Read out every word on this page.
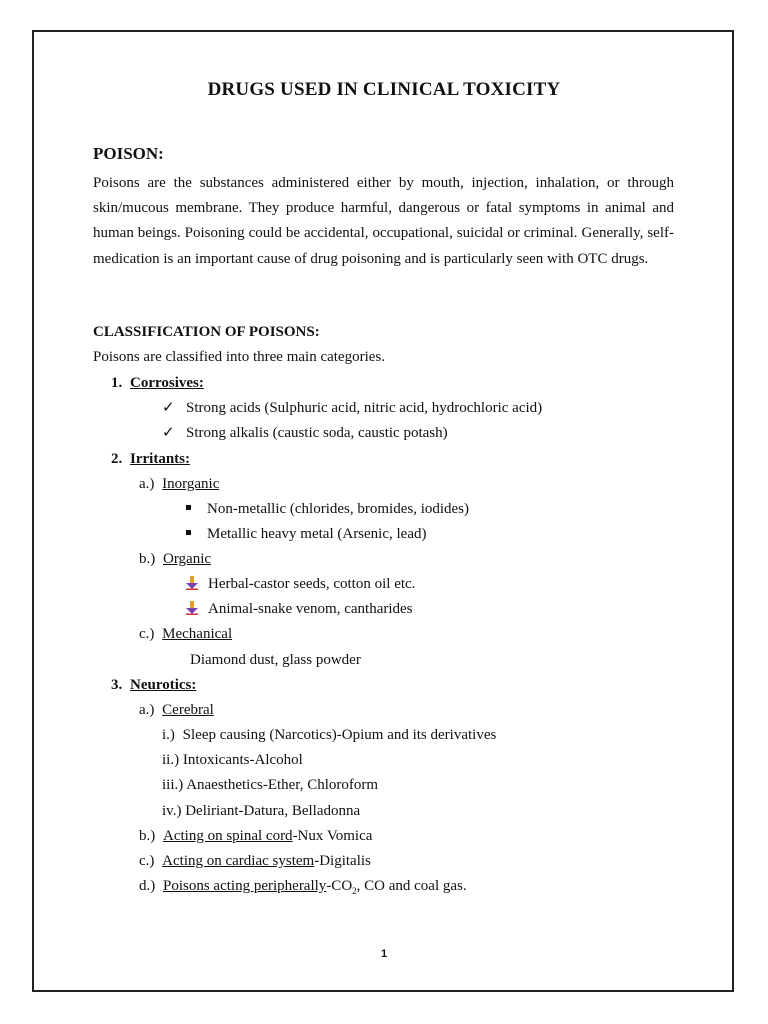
DRUGS USED IN CLINICAL TOXICITY
POISON:
Poisons are the substances administered either by mouth, injection, inhalation, or through skin/mucous membrane. They produce harmful, dangerous or fatal symptoms in animal and human beings. Poisoning could be accidental, occupational, suicidal or criminal. Generally, self-medication is an important cause of drug poisoning and is particularly seen with OTC drugs.
CLASSIFICATION OF POISONS:
Poisons are classified into three main categories.
1. Corrosives:
✓ Strong acids (Sulphuric acid, nitric acid, hydrochloric acid)
✓ Strong alkalis (caustic soda, caustic potash)
2. Irritants:
a.) Inorganic
Non-metallic (chlorides, bromides, iodides)
Metallic heavy metal (Arsenic, lead)
b.) Organic
Herbal-castor seeds, cotton oil etc.
Animal-snake venom, cantharides
c.) Mechanical
Diamond dust, glass powder
3. Neurotics:
a.) Cerebral
i.) Sleep causing (Narcotics)-Opium and its derivatives
ii.) Intoxicants-Alcohol
iii.) Anaesthetics-Ether, Chloroform
iv.) Deliriant-Datura, Belladonna
b.) Acting on spinal cord-Nux Vomica
c.) Acting on cardiac system-Digitalis
d.) Poisons acting peripherally-$CO_2$, CO and coal gas.
1
